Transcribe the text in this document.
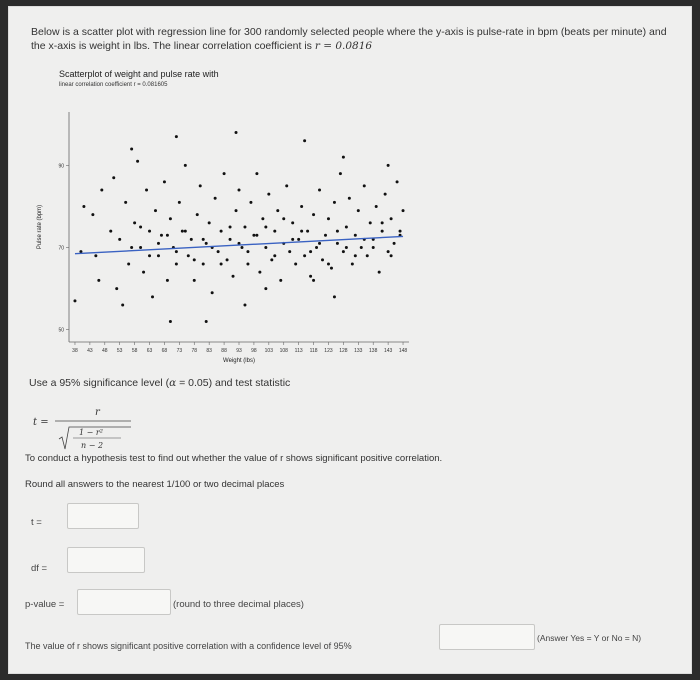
Below is a scatter plot with regression line for 300 randomly selected people where the y-axis is pulse-rate in bpm (beats per minute) and the x-axis is weight in lbs. The linear correlation coefficient is r = 0.0816
Scatterplot of weight and pulse rate with
linear correlation coefficient r = 0.081605
38 43 48 53 58 63 68 73 78 83 88 93 98 103 108 113 118 123 128 133 138 143 148
50
70
90
Weight (lbs)
Pulse rate (bpm)
Use a 95% significance level (α = 0.05) and test statistic
t =
r
1 − r²
n − 2
To conduct a hypothesis test to find out whether the value of r shows significant positive correlation.
Round all answers to the nearest 1/100 or two decimal places
t =
df =
p-value =	(round to three decimal places)
The value of r shows significant positive correlation with a confidence level of 95%
(Answer Yes = Y or No = N)
